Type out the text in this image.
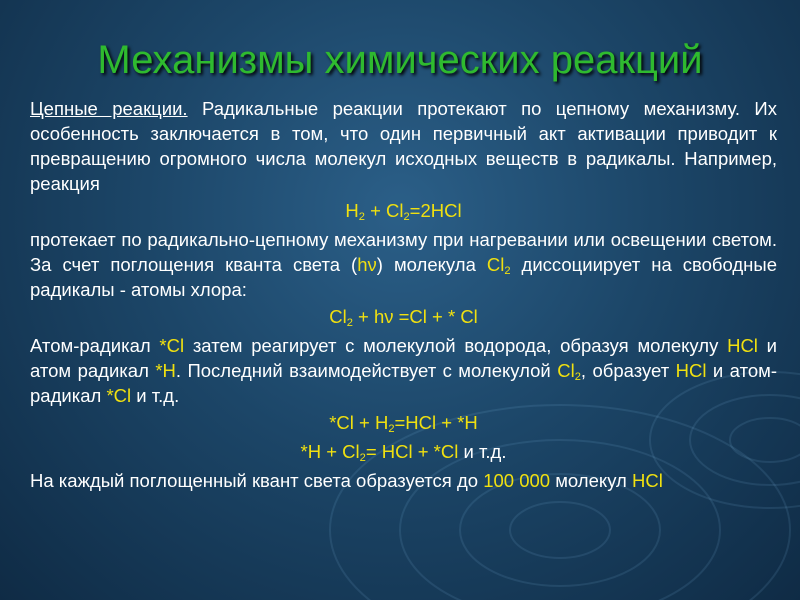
Механизмы химических реакций

Цепные реакции. Радикальные реакции протекают по цепному механизму. Их особенность заключается в том, что один первичный акт активации приводит к превращению огромного числа молекул исходных веществ в радикалы. Например, реакция

$H_2 + Cl_2=2HCl$

протекает по радикально-цепному механизму при нагревании или освещении светом. За счет поглощения кванта света (hν) молекула $Cl_2$ диссоциирует на свободные радикалы - атомы хлора:

$Cl_2 + h\nu =Cl$ + * Cl

Атом-радикал *Cl затем реагирует с молекулой водорода, образуя молекулу HCl и атом радикал *H. Последний взаимодействует с молекулой $Cl_2$, образует HCl и атом-радикал *Cl и т.д.

$*Cl + H_2=HCl + *H$

$*H + Cl_2=$ HCl + *Cl и т.д.

На каждый поглощенный квант света образуется до 100 000 молекул HCl
